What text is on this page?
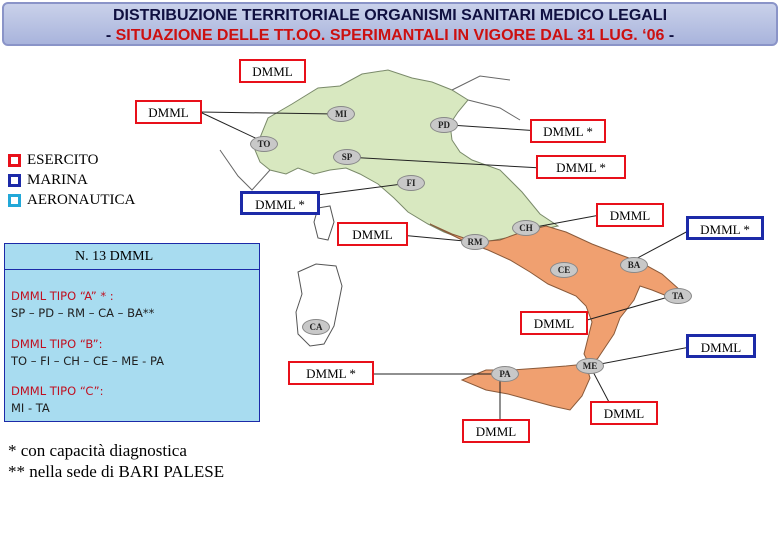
DISTRIBUZIONE TERRITORIALE ORGANISMI SANITARI MEDICO LEGALI
- SITUAZIONE DELLE TT.OO. SPERIMANTALI IN VIGORE DAL 31 LUG. ‘06 -
MI
PD
TO
SP
FI
CH
RM
BA
CE
TA
CA
PA
ME
DMML
DMML
DMML *
DMML *
DMML *
DMML
DMML	DMML *
DMML
DMML
DMML *
DMML
DMML
ESERCITO
MARINA
AERONAUTICA
N. 13 DMML
DMML TIPO “A” * :
SP – PD – RM – CA – BA**
DMML TIPO “B”:
TO – FI – CH – CE – ME - PA
DMML TIPO “C”:
MI - TA
* con capacità diagnostica
** nella sede di BARI PALESE
